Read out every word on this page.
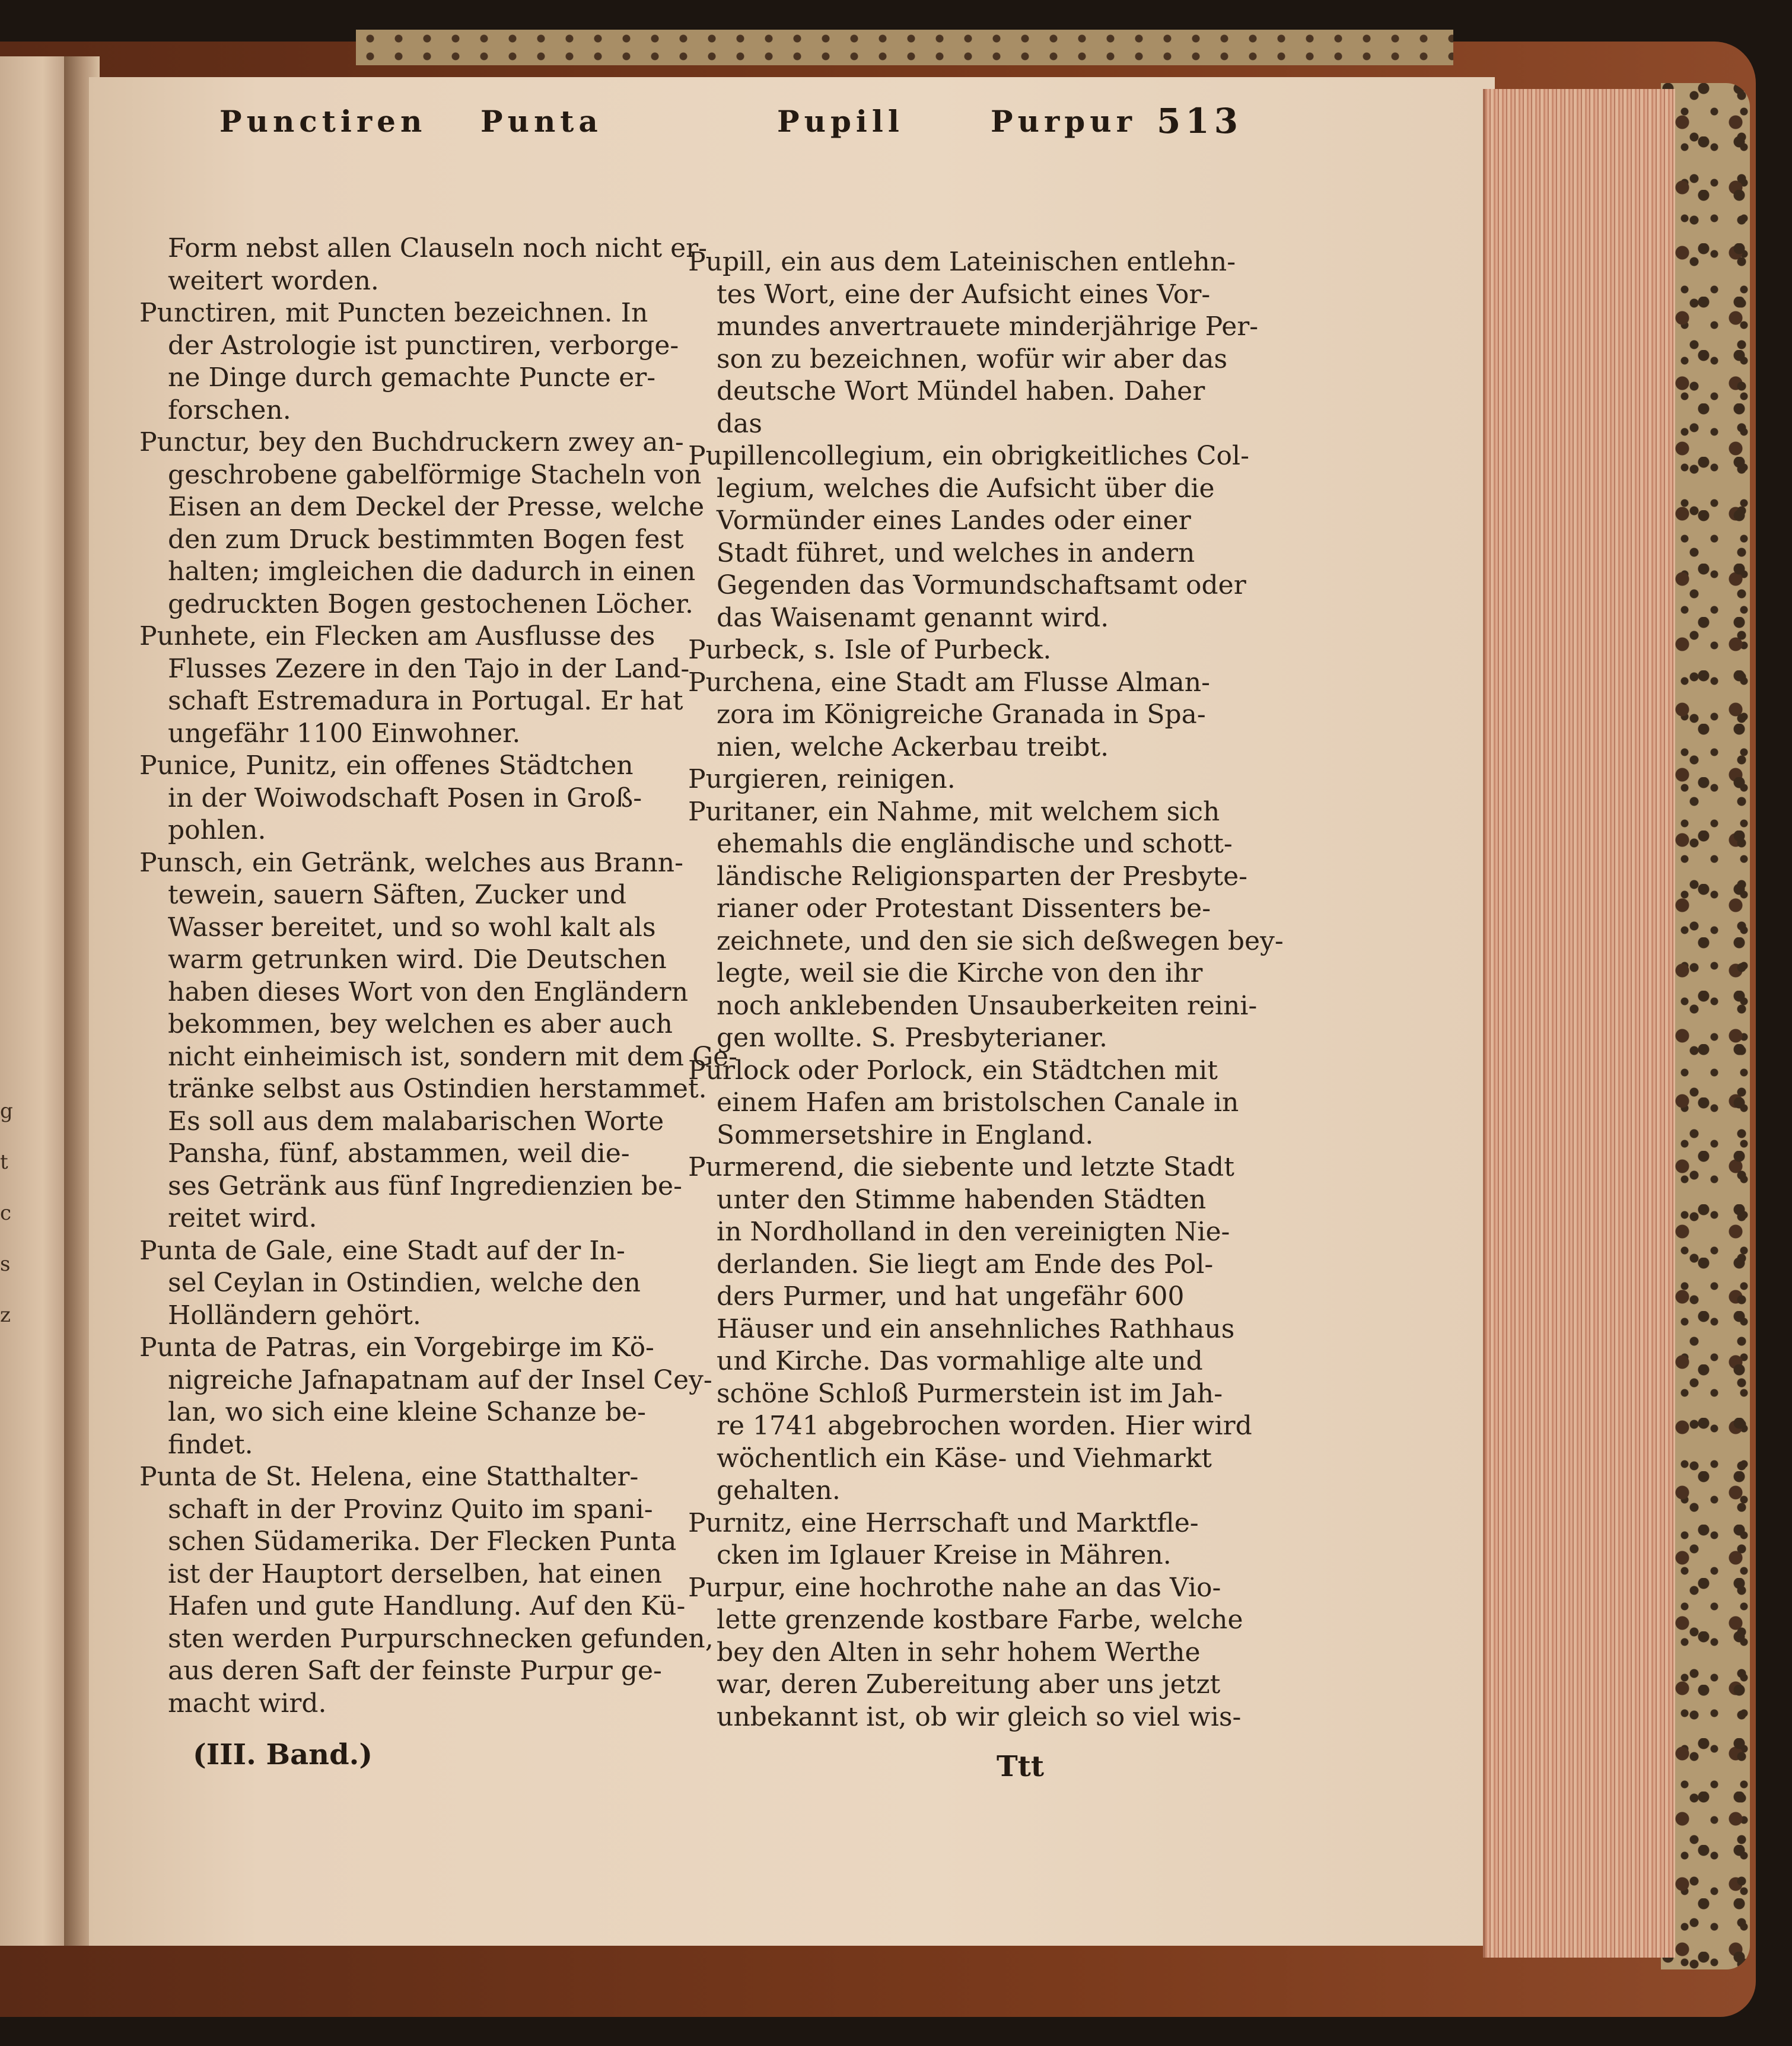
g
t
c
s
z
Punctiren Punta	Pupill	Purpur 513
Form nebst allen Clauseln noch nicht er-
weitert worden.
Punctiren, mit Puncten bezeichnen. In
der Astrologie ist punctiren, verborge-
ne Dinge durch gemachte Puncte er-
forschen.
Punctur, bey den Buchdruckern zwey an-
geschrobene gabelförmige Stacheln von
Eisen an dem Deckel der Presse, welche
den zum Druck bestimmten Bogen fest
halten; imgleichen die dadurch in einen
gedruckten Bogen gestochenen Löcher.
Punhete, ein Flecken am Ausflusse des
Flusses Zezere in den Tajo in der Land-
schaft Estremadura in Portugal. Er hat
ungefähr 1100 Einwohner.
Punice, Punitz, ein offenes Städtchen
in der Woiwodschaft Posen in Groß-
pohlen.
Punsch, ein Getränk, welches aus Brann-
tewein, sauern Säften, Zucker und
Wasser bereitet, und so wohl kalt als
warm getrunken wird. Die Deutschen
haben dieses Wort von den Engländern
bekommen, bey welchen es aber auch
nicht einheimisch ist, sondern mit dem Ge-
tränke selbst aus Ostindien herstammet.
Es soll aus dem malabarischen Worte
Pansha, fünf, abstammen, weil die-
ses Getränk aus fünf Ingredienzien be-
reitet wird.
Punta de Gale, eine Stadt auf der In-
sel Ceylan in Ostindien, welche den
Holländern gehört.
Punta de Patras, ein Vorgebirge im Kö-
nigreiche Jafnapatnam auf der Insel Cey-
lan, wo sich eine kleine Schanze be-
findet.
Punta de St. Helena, eine Statthalter-
schaft in der Provinz Quito im spani-
schen Südamerika. Der Flecken Punta
ist der Hauptort derselben, hat einen
Hafen und gute Handlung. Auf den Kü-
sten werden Purpurschnecken gefunden,
aus deren Saft der feinste Purpur ge-
macht wird.
Pupill, ein aus dem Lateinischen entlehn-
tes Wort, eine der Aufsicht eines Vor-
mundes anvertrauete minderjährige Per-
son zu bezeichnen, wofür wir aber das
deutsche Wort Mündel haben. Daher
das
Pupillencollegium, ein obrigkeitliches Col-
legium, welches die Aufsicht über die
Vormünder eines Landes oder einer
Stadt führet, und welches in andern
Gegenden das Vormundschaftsamt oder
das Waisenamt genannt wird.
Purbeck, s. Isle of Purbeck.
Purchena, eine Stadt am Flusse Alman-
zora im Königreiche Granada in Spa-
nien, welche Ackerbau treibt.
Purgieren, reinigen.
Puritaner, ein Nahme, mit welchem sich
ehemahls die engländische und schott-
ländische Religionsparten der Presbyte-
rianer oder Protestant Dissenters be-
zeichnete, und den sie sich deßwegen bey-
legte, weil sie die Kirche von den ihr
noch anklebenden Unsauberkeiten reini-
gen wollte. S. Presbyterianer.
Purlock oder Porlock, ein Städtchen mit
einem Hafen am bristolschen Canale in
Sommersetshire in England.
Purmerend, die siebente und letzte Stadt
unter den Stimme habenden Städten
in Nordholland in den vereinigten Nie-
derlanden. Sie liegt am Ende des Pol-
ders Purmer, und hat ungefähr 600
Häuser und ein ansehnliches Rathhaus
und Kirche. Das vormahlige alte und
schöne Schloß Purmerstein ist im Jah-
re 1741 abgebrochen worden. Hier wird
wöchentlich ein Käse- und Viehmarkt
gehalten.
Purnitz, eine Herrschaft und Marktfle-
cken im Iglauer Kreise in Mähren.
Purpur, eine hochrothe nahe an das Vio-
lette grenzende kostbare Farbe, welche
bey den Alten in sehr hohem Werthe
war, deren Zubereitung aber uns jetzt
unbekannt ist, ob wir gleich so viel wis-
(III. Band.)	Ttt
